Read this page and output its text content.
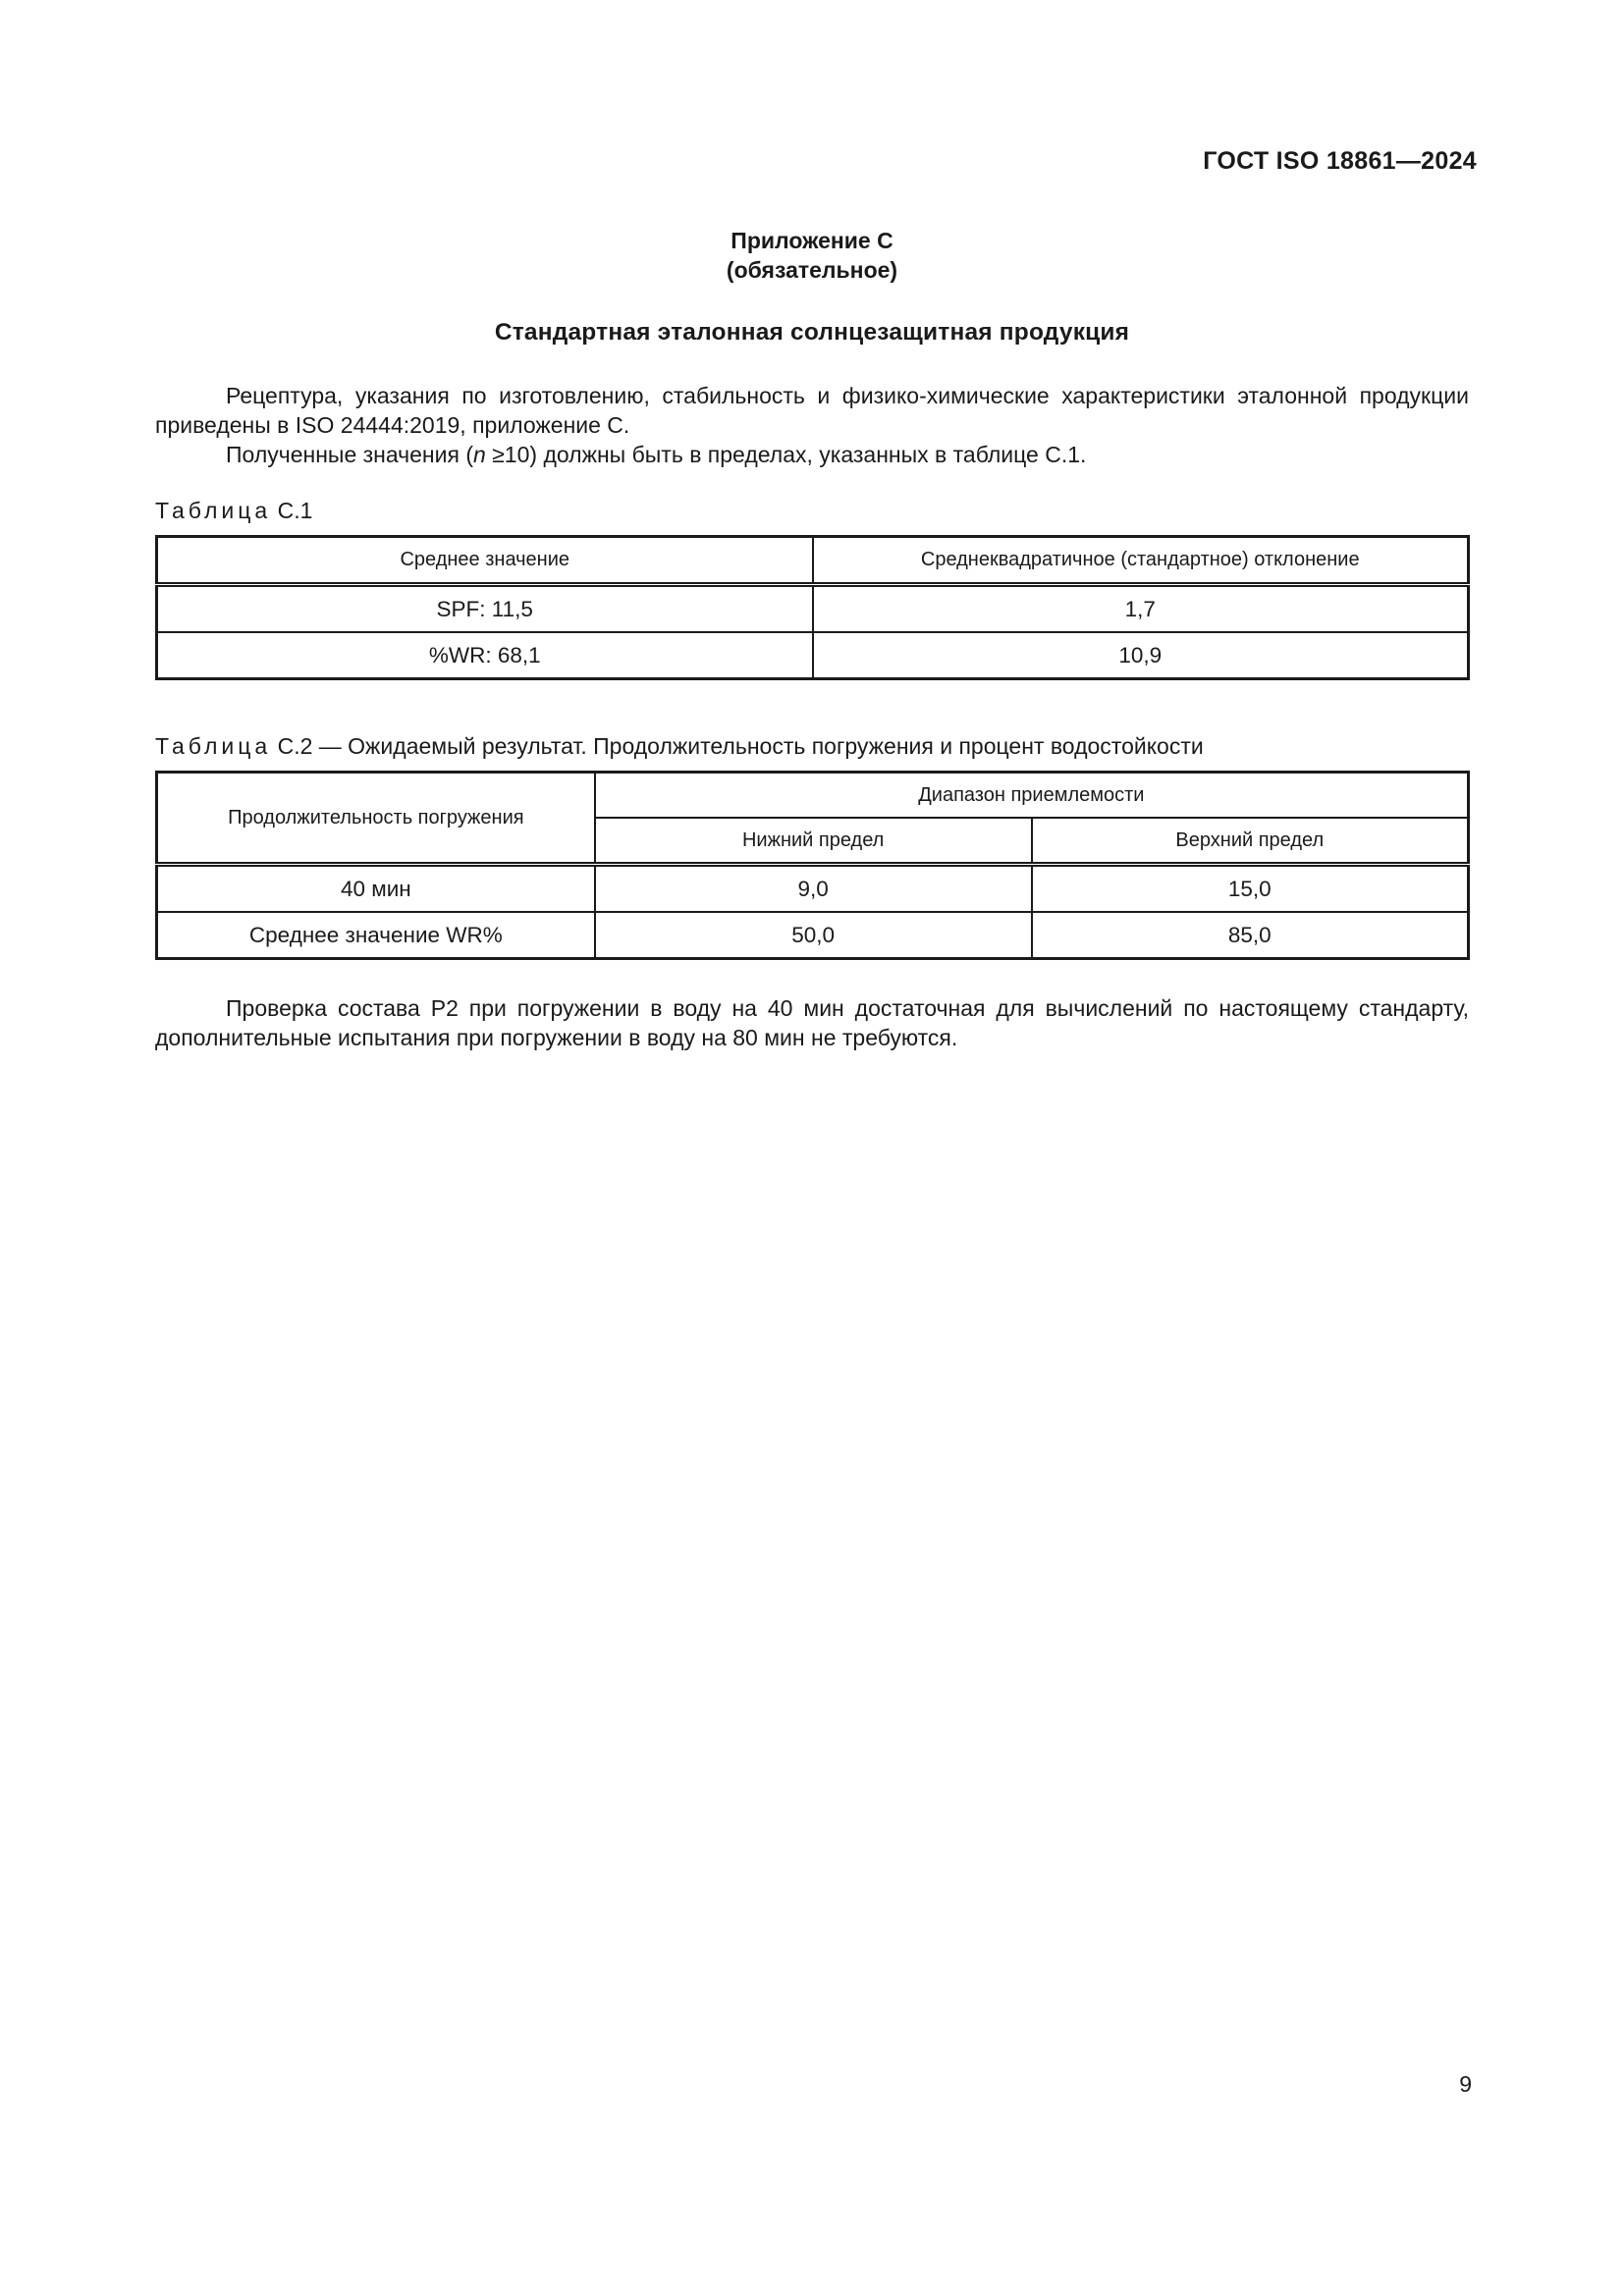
ГОСТ ISO 18861—2024
Приложение С
(обязательное)
Стандартная эталонная солнцезащитная продукция

Рецептура, указания по изготовлению, стабильность и физико-химические характеристики эталонной продукции приведены в ISO 24444:2019, приложение С.

Полученные значения (n ≥10) должны быть в пределах, указанных в таблице С.1.

Таблица С.1
Среднее значение	Среднеквадратичное (стандартное) отклонение
SPF: 11,5	1,7
%WR: 68,1	10,9
Таблица С.2 — Ожидаемый результат. Продолжительность погружения и процент водостойкости
Продолжительность погружения	Диапазон приемлемости	
	Нижний предел	Верхний предел
40 мин	9,0	15,0
Среднее значение WR%	50,0	85,0

Проверка состава Р2 при погружении в воду на 40 мин достаточная для вычислений по настоящему стандарту, дополнительные испытания при погружении в воду на 80 мин не требуются.

9
